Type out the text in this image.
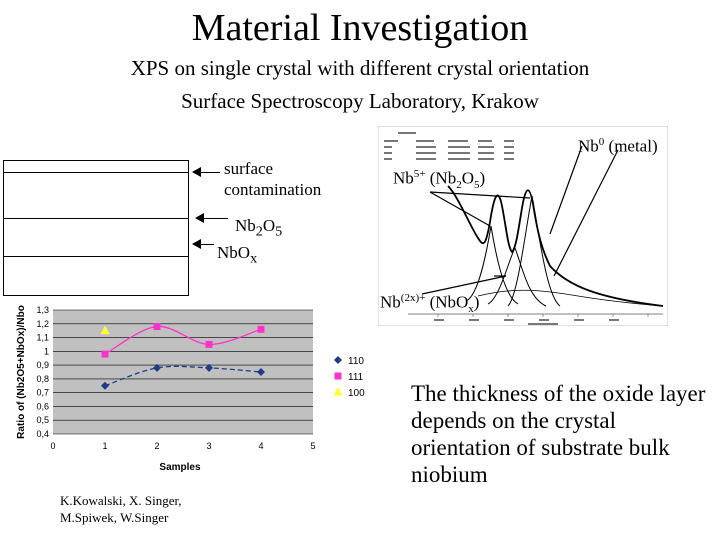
Material Investigation
XPS on single crystal with different crystal orientation
Surface Spectroscopy Laboratory, Krakow
surface
contamination
$Nb_2O_5$
NbO$_x$
Nb$^0$ (metal)
$Nb^{5+}$ $(Nb_2O_5)$
$Nb^{(2x)+}$ (NbO$_x$)
0,4
0,5
0,6
0,7
0,8
0,9
1
1,1
1,2
1,3
0	1	2	3	4	5
Ratio of (Nb2O5+NbOx)/Nbo
Samples
110
111
100 The thickness of the oxide layer depends on the crystal orientation of substrate bulk niobium
K.Kowalski, X. Singer,
M.Spiwek, W.Singer
